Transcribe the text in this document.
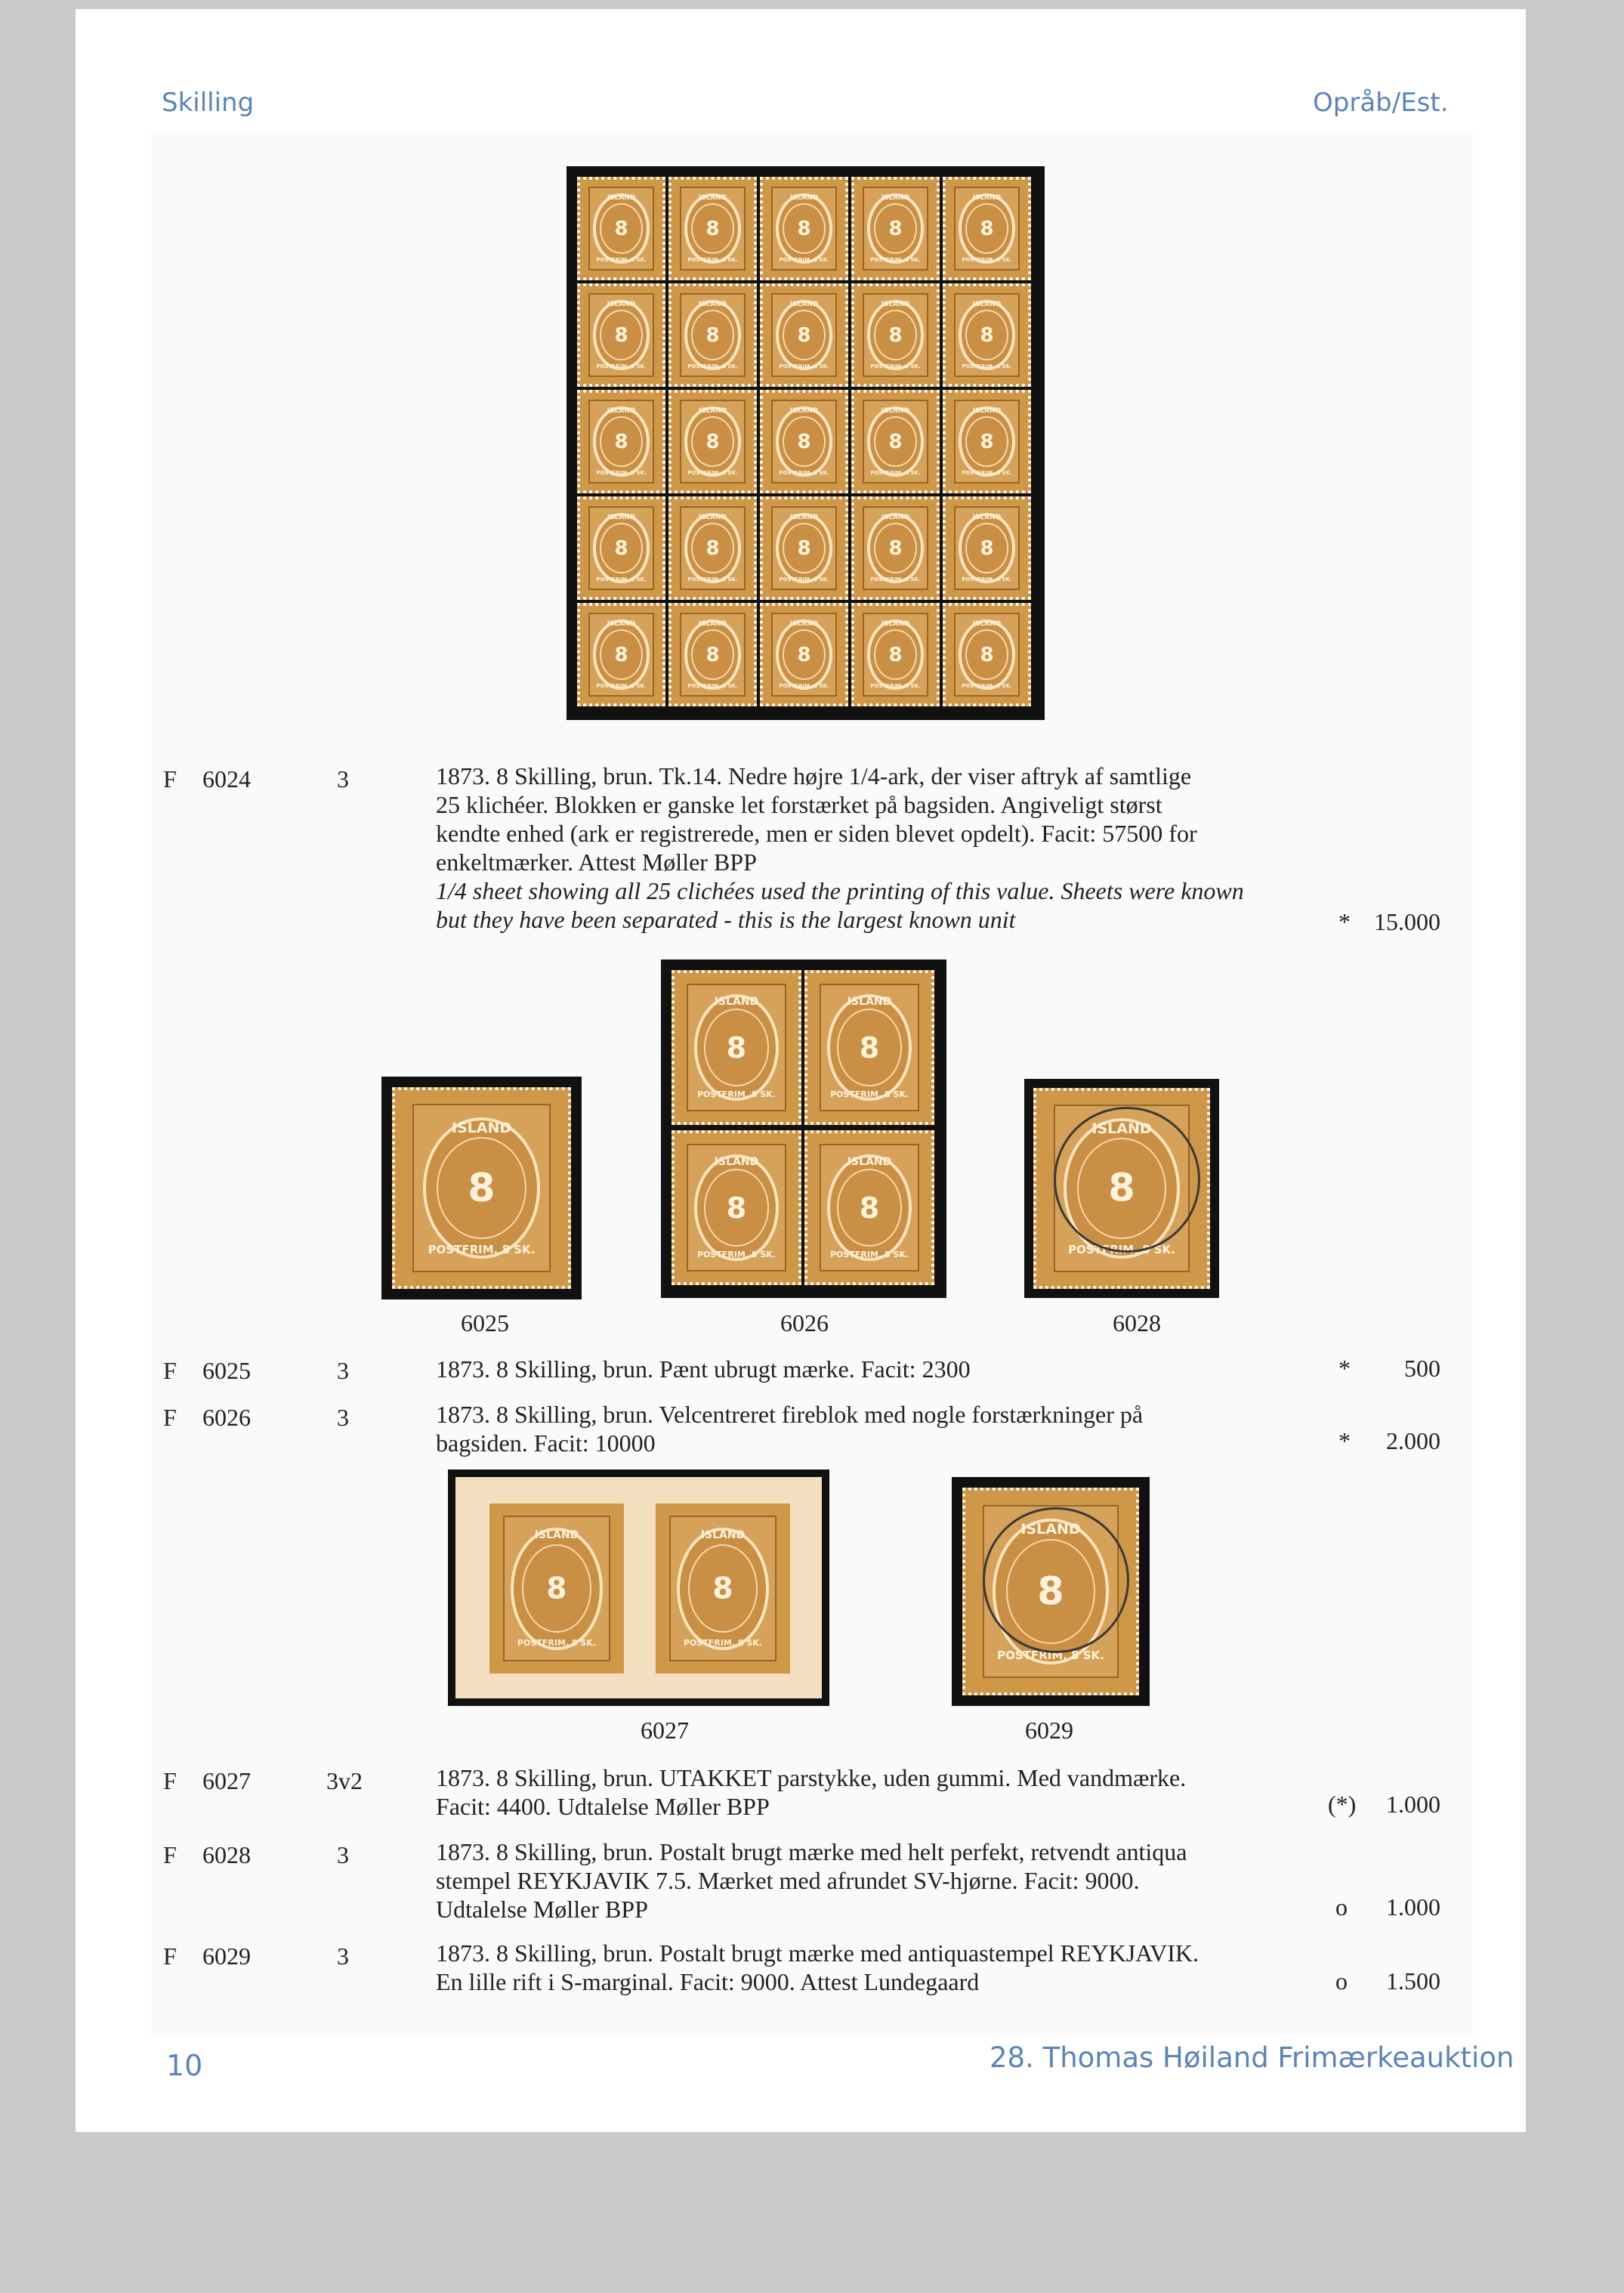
Skilling	Opråb/Est.
ISLAND
8
POSTFRIM. 8 SK.
ISLAND
8
POSTFRIM. 8 SK.
ISLAND
8
POSTFRIM. 8 SK.
ISLAND
8
POSTFRIM. 8 SK.
ISLAND
8
POSTFRIM. 8 SK.
ISLAND
8
POSTFRIM. 8 SK.
ISLAND
8
POSTFRIM. 8 SK.
ISLAND
8
POSTFRIM. 8 SK.
ISLAND
8
POSTFRIM. 8 SK.
ISLAND
8
POSTFRIM. 8 SK.
ISLAND
8
POSTFRIM. 8 SK.
ISLAND
8
POSTFRIM. 8 SK.
ISLAND
8
POSTFRIM. 8 SK.
ISLAND
8
POSTFRIM. 8 SK.
ISLAND
8
POSTFRIM. 8 SK.
ISLAND
8
POSTFRIM. 8 SK.
ISLAND
8
POSTFRIM. 8 SK.
ISLAND
8
POSTFRIM. 8 SK.
ISLAND
8
POSTFRIM. 8 SK.
ISLAND
8
POSTFRIM. 8 SK.
ISLAND
8
POSTFRIM. 8 SK.
ISLAND
8
POSTFRIM. 8 SK.
ISLAND
8
POSTFRIM. 8 SK.
ISLAND
8
POSTFRIM. 8 SK.
ISLAND
8
POSTFRIM. 8 SK.
F 6024	3	1873. 8 Skilling, brun. Tk.14. Nedre højre 1/4-ark, der viser aftryk af samtlige
25 klichéer. Blokken er ganske let forstærket på bagsiden. Angiveligt størst
kendte enhed (ark er registrerede, men er siden blevet opdelt). Facit: 57500 for
enkeltmærker. Attest Møller BPP
1/4 sheet showing all 25 clichées used the printing of this value. Sheets were known
but they have been separated - this is the largest known unit	* 15.000
ISLAND
8
POSTFRIM. 8 SK.
ISLAND
8
POSTFRIM. 8 SK.
ISLAND
8
POSTFRIM. 8 SK.
ISLAND
8
POSTFRIM. 8 SK.
ISLAND
8
POSTFRIM. 8 SK.
ISLAND
8
POSTFRIM. 8 SK.
6025	6026	6028
F 6025	3	1873. 8 Skilling, brun. Pænt ubrugt mærke. Facit: 2300	*	500
F 6026	3	1873. 8 Skilling, brun. Velcentreret fireblok med nogle forstærkninger på
bagsiden. Facit: 10000	*	2.000
ISLAND
8
POSTFRIM. 8 SK.
ISLAND
8
POSTFRIM. 8 SK.
ISLAND
8
POSTFRIM. 8 SK.
6027	6029
F 6027	3v2	1873. 8 Skilling, brun. UTAKKET parstykke, uden gummi. Med vandmærke.
Facit: 4400. Udtalelse Møller BPP	(*)	1.000
F 6028	3	1873. 8 Skilling, brun. Postalt brugt mærke med helt perfekt, retvendt antiqua
stempel REYKJAVIK 7.5. Mærket med afrundet SV-hjørne. Facit: 9000.
Udtalelse Møller BPP	o	1.000
F 6029	3	1873. 8 Skilling, brun. Postalt brugt mærke med antiquastempel REYKJAVIK.
En lille rift i S-marginal. Facit: 9000. Attest Lundegaard	o	1.500
10	28. Thomas Høiland Frimærkeauktion
